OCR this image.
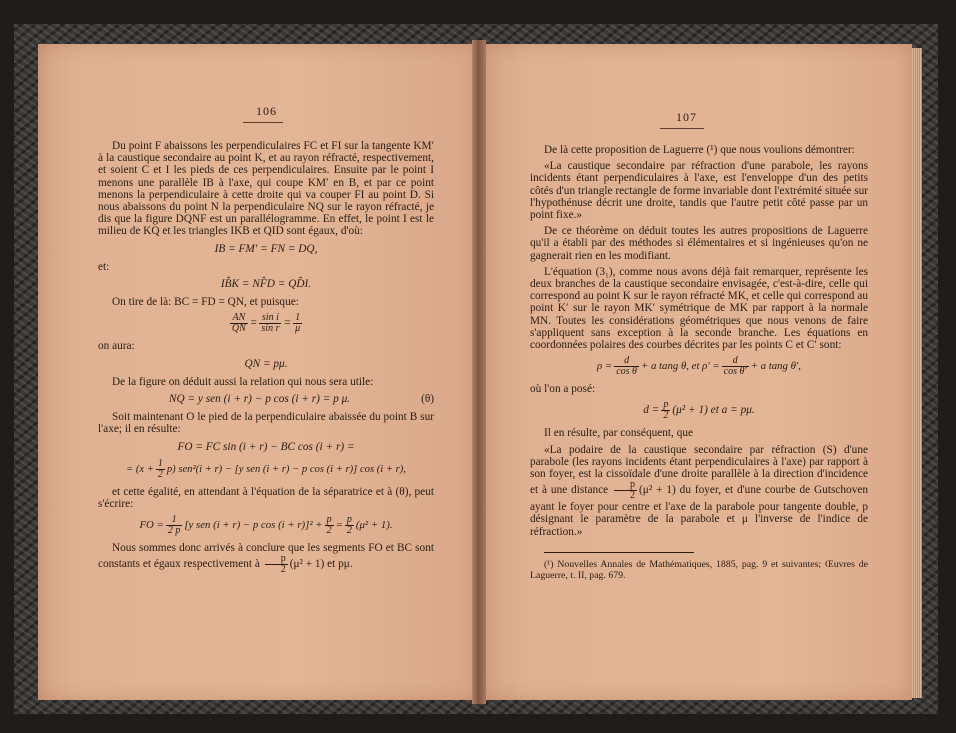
106

Du point F abaissons les perpendiculaires FC et FI sur la tangente KM′ à la caustique secondaire au point K, et au rayon réfracté, respectivement, et soient C et I les pieds de ces perpendiculaires. Ensuite par le point I menons une parallèle IB à l'axe, qui coupe KM′ en B, et par ce point menons la perpendiculaire à cette droite qui va couper FI au point D. Si nous abaissons du point N la perpendiculaire NQ sur le rayon réfracté, je dis que la figure DQNF est un parallélogramme. En effet, le point I est le milieu de KQ et les triangles IKB et QID sont égaux, d'où:

IB = FM′ = FN = DQ,

et:

IB̂K = NF̂D = QD̂I.

On tire de là: BC = FD = QN, et puisque:

$\frac{AN}{QN} = \frac{\text{sin i}}{\text{sin r}} = \frac{1}{\mu}$

on aura:

QN = pμ.

De la figure on déduit aussi la relation qui nous sera utile:

NQ = y sen (i + r) − p cos (i + r) = p μ.	(θ)

Soit maintenant O le pied de la perpendiculaire abaissée du point B sur l'axe; il en résulte:

FO = FC sin (i + r) − BC cos (i + r) =
= $(x + \frac{1}{2} p)$ sen²(i + r) − [y sen (i + r) − p cos (i + r)] cos (i + r),

et cette égalité, en attendant à l'équation de la séparatrice et à (θ), peut s'écrire:

FO = $\frac{1}{2 p} [y$ sen (i + r) − p $\cos (i + r)]^2 + \frac{p}{2} = \frac{p}{2} (\mu^2 + 1)$.

Nous sommes donc arrivés à conclure que les segments FO et BC sont constants et égaux respectivement à $\frac{p}{2} (\mu^2 + 1)$ et pμ.

107

De là cette proposition de Laguerre (¹) que nous voulions démontrer:

«La caustique secondaire par réfraction d'une parabole, les rayons incidents étant perpendiculaires à l'axe, est l'enveloppe d'un des petits côtés d'un triangle rectangle de forme invariable dont l'extrémité située sur l'hypothénuse décrit une droite, tandis que l'autre petit côté passe par un point fixe.»

De ce théorème on déduit toutes les autres propositions de Laguerre qu'il a établi par des méthodes si élémentaires et si ingénieuses qu'on ne gagnerait rien en les modifiant.

L'équation (3₁), comme nous avons déjà fait remarquer, représente les deux branches de la caustique secondaire envisagée, c'est-à-dire, celle qui correspond au point K sur le rayon réfracté MK, et celle qui correspond au point K′ sur le rayon MK′ symétrique de MK par rapport à la normale MN. Toutes les considérations géométriques que nous venons de faire s'appliquent sans exception à la seconde branche. Les équations en coordonnées polaires des courbes décrites par les points C et C′ sont:

$\rho = \frac{d}{\text{cos θ}} + a$ tang θ, et $\rho' = \frac{d}{\text{cos θ′}} + a$ tang θ′,

où l'on a posé:

$d = \frac{p}{2} (\mu^2 + 1)$ et a = pμ.

Il en résulte, par conséquent, que

«La podaire de la caustique secondaire par réfraction (S) d'une parabole (les rayons incidents étant perpendiculaires à l'axe) par rapport à son foyer, est la cissoïdale d'une droite parallèle à la direction d'incidence et à une distance $\frac{p}{2} (\mu^2 + 1)$ du foyer, et d'une courbe de Gutschoven ayant le foyer pour centre et l'axe de la parabole pour tangente double, p désignant le paramètre de la parabole et μ l'inverse de l'indice de réfraction.»

(¹) Nouvelles Annales de Mathématiques, 1885, pag. 9 et suivantes; Œuvres de Laguerre, t. II, pag. 679.
